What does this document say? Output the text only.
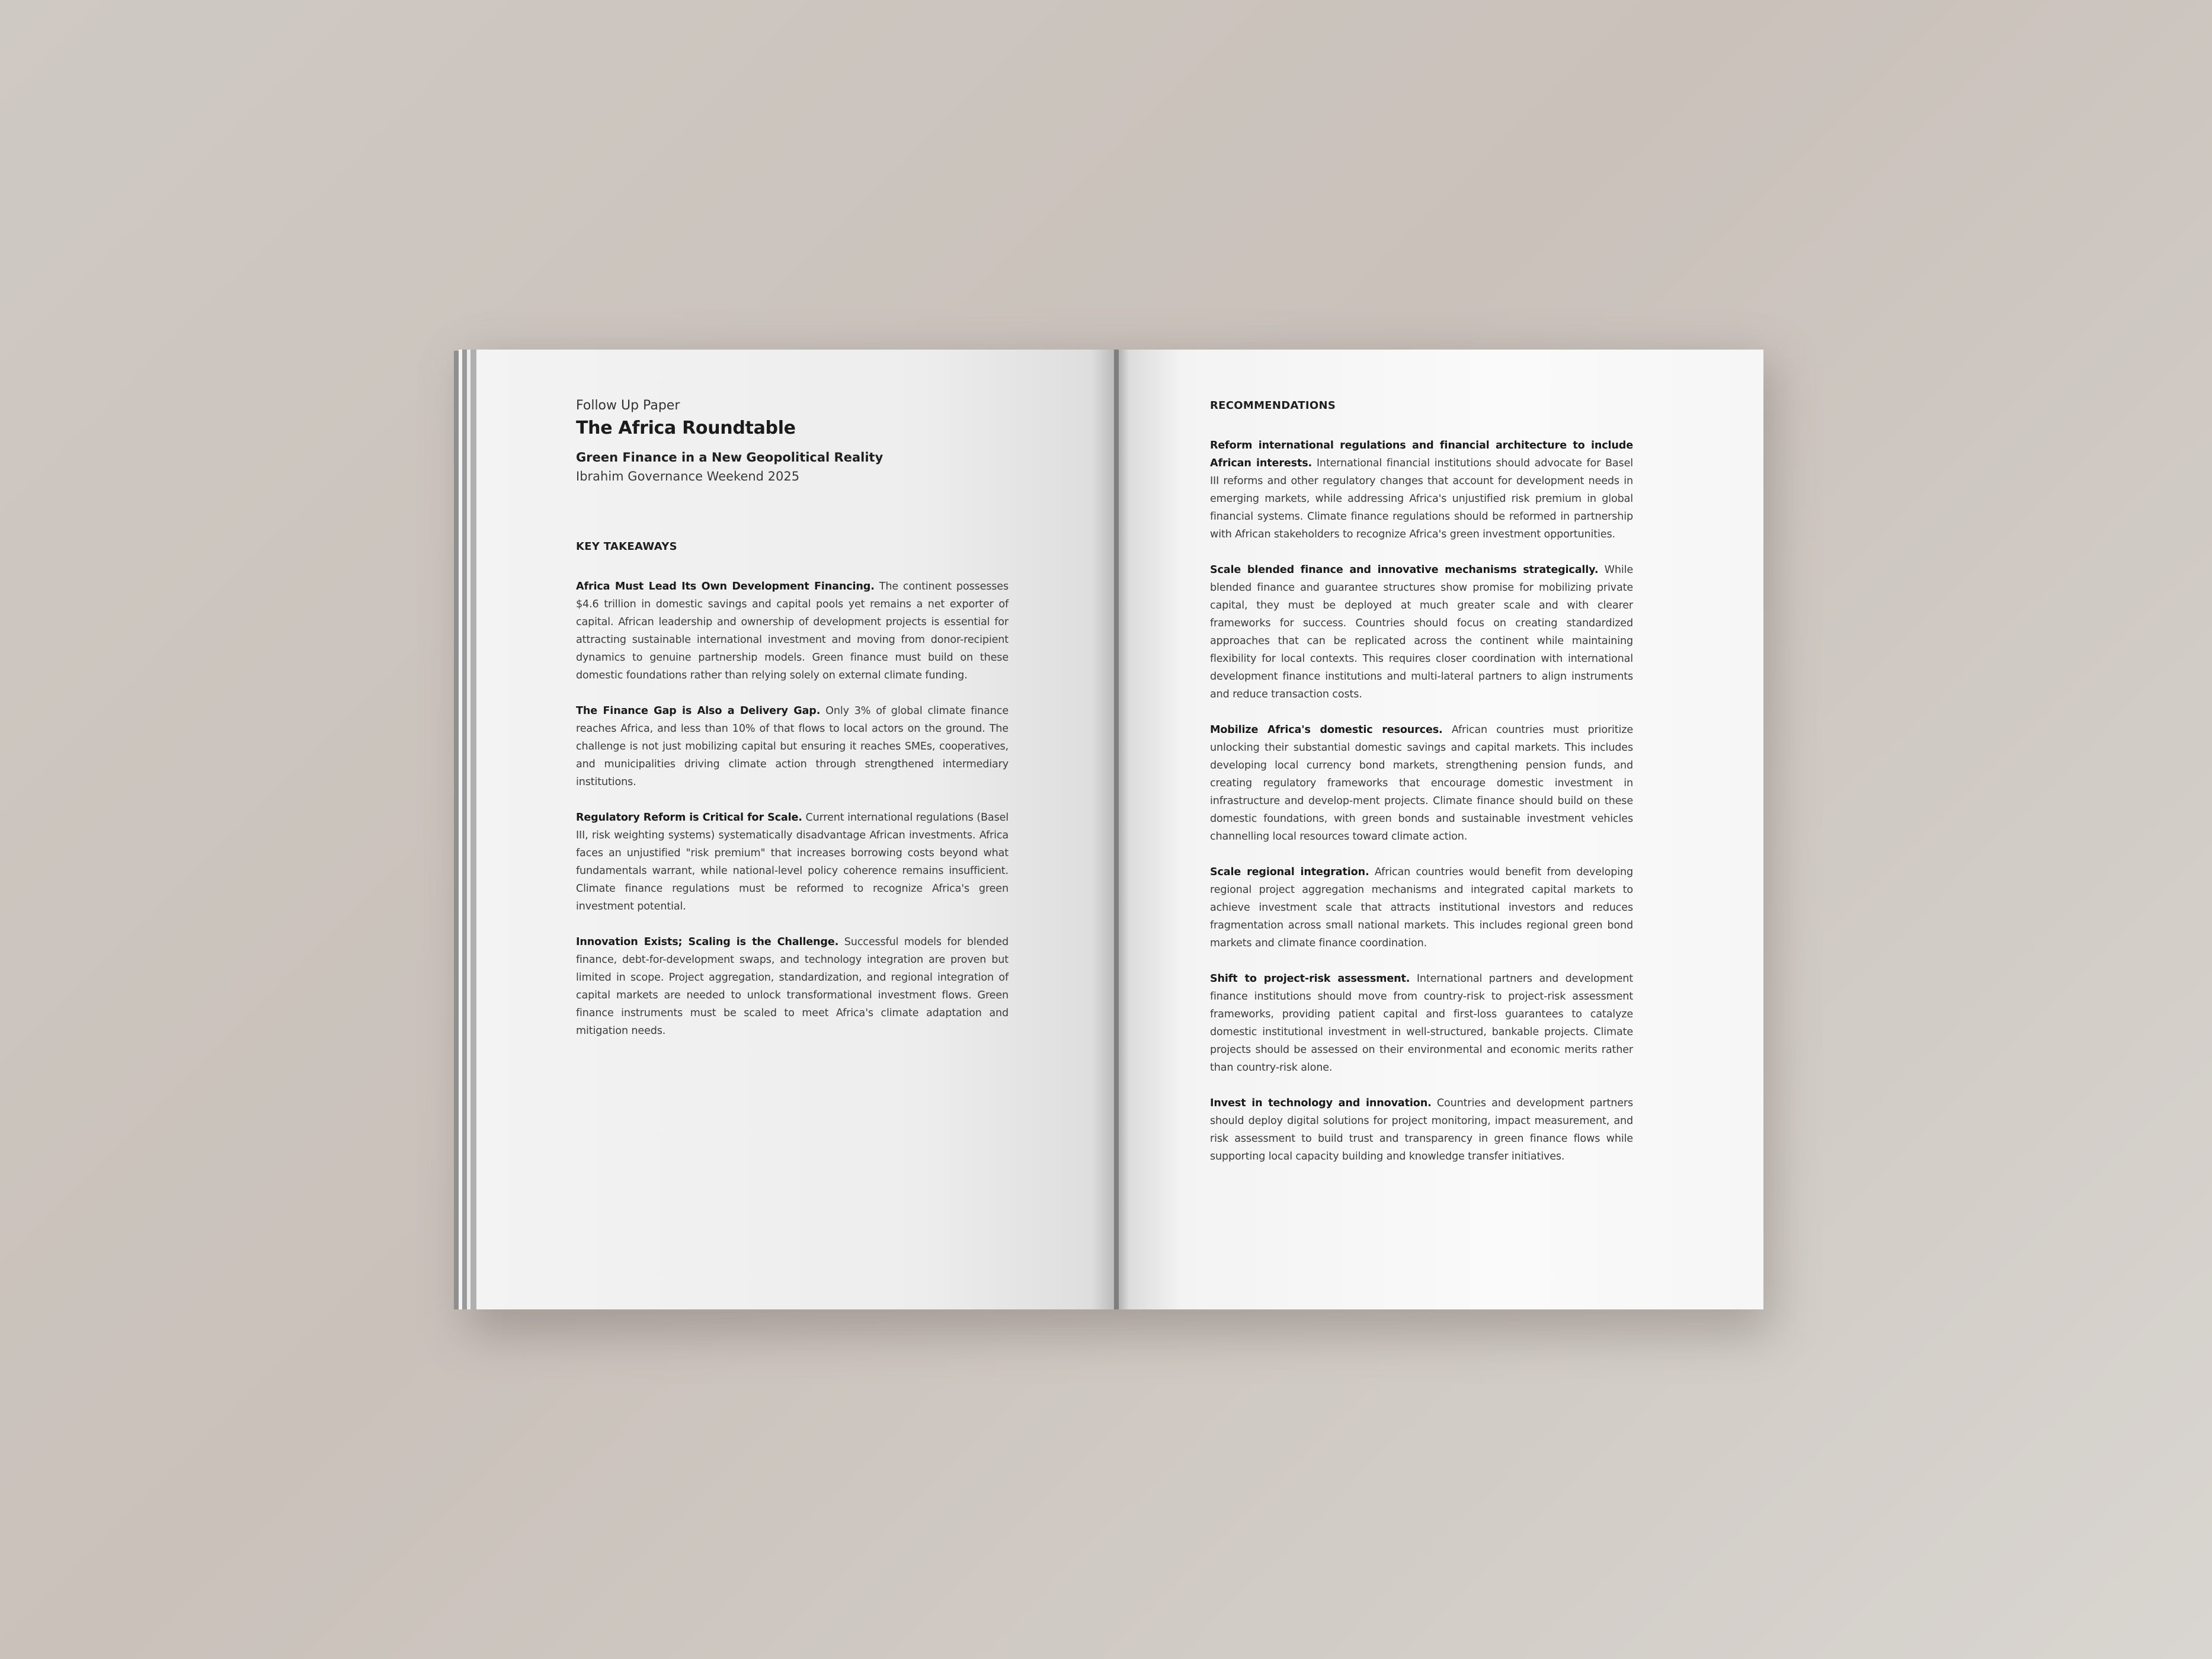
Follow Up Paper

The Africa Roundtable

Green Finance in a New Geopolitical Reality

Ibrahim Governance Weekend 2025

KEY TAKEAWAYS

Africa Must Lead Its Own Development Financing. The continent possesses $4.6 trillion in domestic savings and capital pools yet remains a net exporter of capital. African leadership and ownership of development projects is essential for attracting sustainable international investment and moving from donor-recipient dynamics to genuine partnership models. Green finance must build on these domestic foundations rather than relying solely on external climate funding.

The Finance Gap is Also a Delivery Gap. Only 3% of global climate finance reaches Africa, and less than 10% of that flows to local actors on the ground. The challenge is not just mobilizing capital but ensuring it reaches SMEs, cooperatives, and municipalities driving climate action through strengthened intermediary institutions.

Regulatory Reform is Critical for Scale. Current international regulations (Basel III, risk weighting systems) systematically disadvantage African investments. Africa faces an unjustified "risk premium" that increases borrowing costs beyond what fundamentals warrant, while national-level policy coherence remains insufficient. Climate finance regulations must be reformed to recognize Africa's green investment potential.

Innovation Exists; Scaling is the Challenge. Successful models for blended finance, debt-for-development swaps, and technology integration are proven but limited in scope. Project aggregation, standardization, and regional integration of capital markets are needed to unlock transformational investment flows. Green finance instruments must be scaled to meet Africa's climate adaptation and mitigation needs.

RECOMMENDATIONS

Reform international regulations and financial architecture to include African interests. International financial institutions should advocate for Basel III reforms and other regulatory changes that account for development needs in emerging markets, while addressing Africa's unjustified risk premium in global financial systems. Climate finance regulations should be reformed in partnership with African stakeholders to recognize Africa's green investment opportunities.

Scale blended finance and innovative mechanisms strategically. While blended finance and guarantee structures show promise for mobilizing private capital, they must be deployed at much greater scale and with clearer frameworks for success. Countries should focus on creating standardized approaches that can be replicated across the continent while maintaining flexibility for local contexts. This requires closer coordination with international development finance institutions and multi-lateral partners to align instruments and reduce transaction costs.

Mobilize Africa's domestic resources. African countries must prioritize unlocking their substantial domestic savings and capital markets. This includes developing local currency bond markets, strengthening pension funds, and creating regulatory frameworks that encourage domestic investment in infrastructure and develop-ment projects. Climate finance should build on these domestic foundations, with green bonds and sustainable investment vehicles channelling local resources toward climate action.

Scale regional integration. African countries would benefit from developing regional project aggregation mechanisms and integrated capital markets to achieve investment scale that attracts institutional investors and reduces fragmentation across small national markets. This includes regional green bond markets and climate finance coordination.

Shift to project-risk assessment. International partners and development finance institutions should move from country-risk to project-risk assessment frameworks, providing patient capital and first-loss guarantees to catalyze domestic institutional investment in well-structured, bankable projects. Climate projects should be assessed on their environmental and economic merits rather than country-risk alone.

Invest in technology and innovation. Countries and development partners should deploy digital solutions for project monitoring, impact measurement, and risk assessment to build trust and transparency in green finance flows while supporting local capacity building and knowledge transfer initiatives.
